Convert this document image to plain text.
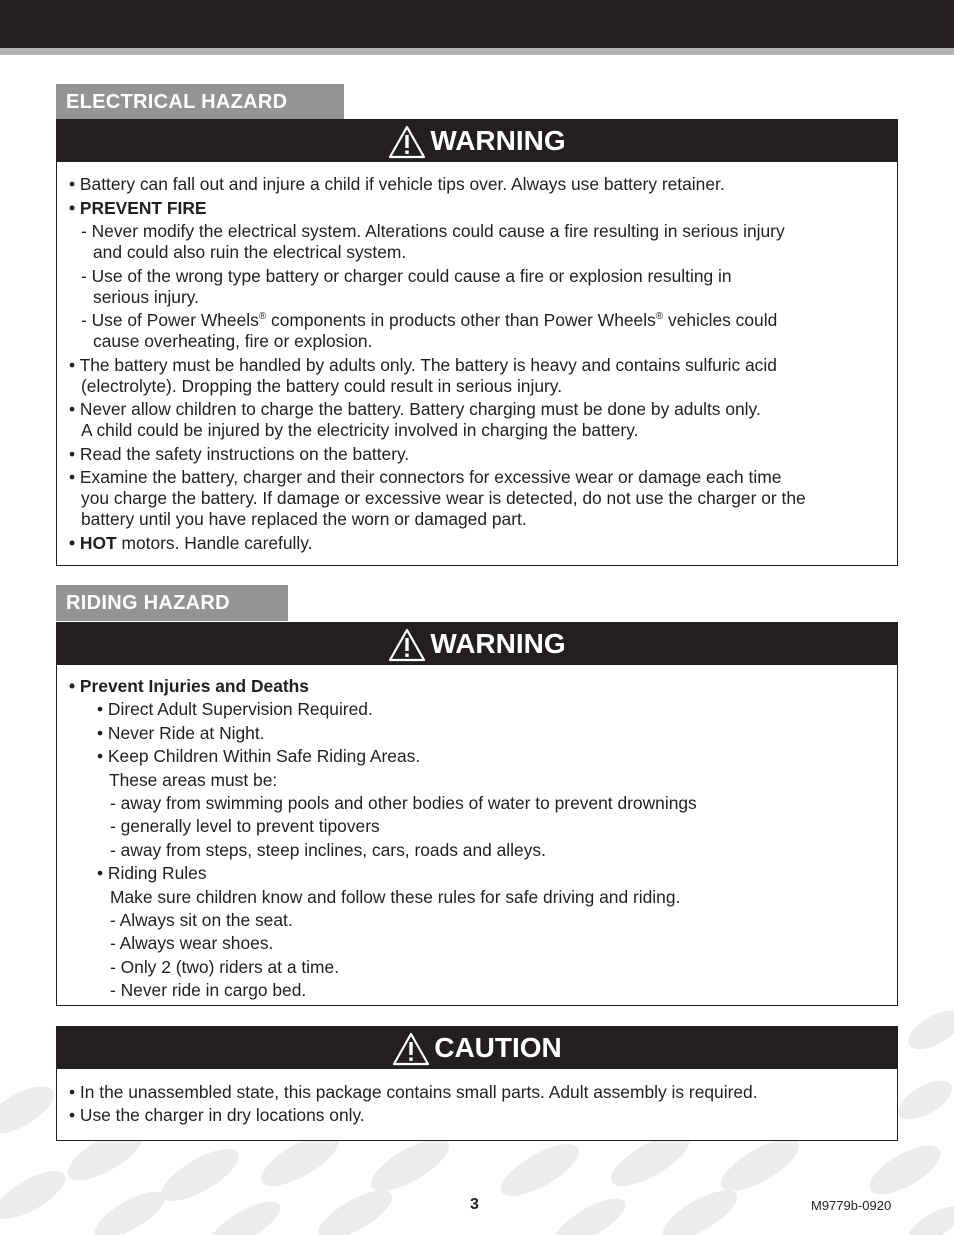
ELECTRICAL HAZARD
WARNING
• Battery can fall out and injure a child if vehicle tips over. Always use battery retainer.
• PREVENT FIRE
- Never modify the electrical system. Alterations could cause a fire resulting in serious injury
and could also ruin the electrical system.
- Use of the wrong type battery or charger could cause a fire or explosion resulting in
serious injury.
- Use of Power Wheels® components in products other than Power Wheels® vehicles could
cause overheating, fire or explosion.
• The battery must be handled by adults only. The battery is heavy and contains sulfuric acid
(electrolyte). Dropping the battery could result in serious injury.
• Never allow children to charge the battery. Battery charging must be done by adults only.
A child could be injured by the electricity involved in charging the battery.
• Read the safety instructions on the battery.
• Examine the battery, charger and their connectors for excessive wear or damage each time
you charge the battery. If damage or excessive wear is detected, do not use the charger or the
battery until you have replaced the worn or damaged part.
• HOT motors. Handle carefully.
RIDING HAZARD
WARNING
• Prevent Injuries and Deaths
• Direct Adult Supervision Required.
• Never Ride at Night.
• Keep Children Within Safe Riding Areas.
These areas must be:
- away from swimming pools and other bodies of water to prevent drownings
- generally level to prevent tipovers
- away from steps, steep inclines, cars, roads and alleys.
• Riding Rules
Make sure children know and follow these rules for safe driving and riding.
- Always sit on the seat.
- Always wear shoes.
- Only 2 (two) riders at a time.
- Never ride in cargo bed.
CAUTION
• In the unassembled state, this package contains small parts. Adult assembly is required.
• Use the charger in dry locations only.
3	M9779b-0920
